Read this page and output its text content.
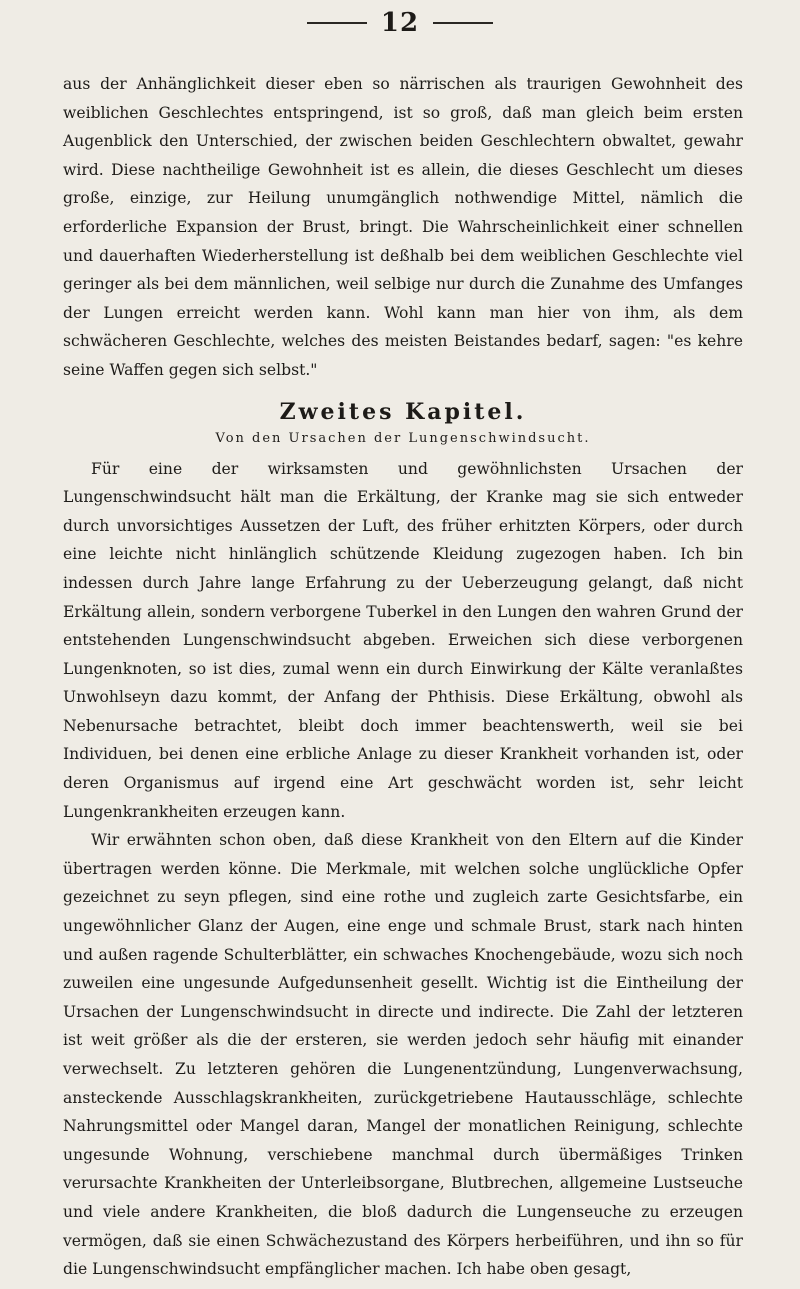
12

aus der Anhänglichkeit dieser eben so närrischen als traurigen Gewohnheit des weiblichen Geschlechtes entspringend, ist so groß, daß man gleich beim ersten Augenblick den Unterschied, der zwischen beiden Geschlechtern obwaltet, gewahr wird. Diese nachtheilige Gewohnheit ist es allein, die dieses Geschlecht um dieses große, einzige, zur Heilung unumgänglich nothwendige Mittel, nämlich die erforderliche Expansion der Brust, bringt. Die Wahrscheinlichkeit einer schnellen und dauerhaften Wiederherstellung ist deßhalb bei dem weiblichen Geschlechte viel geringer als bei dem männlichen, weil selbige nur durch die Zunahme des Umfanges der Lungen erreicht werden kann. Wohl kann man hier von ihm, als dem schwächeren Geschlechte, welches des meisten Beistandes bedarf, sagen: "es kehre seine Waffen gegen sich selbst."

Zweites Kapitel.
Von den Ursachen der Lungenschwindsucht.

Für eine der wirksamsten und gewöhnlichsten Ursachen der Lungenschwindsucht hält man die Erkältung, der Kranke mag sie sich entweder durch unvorsichtiges Aussetzen der Luft, des früher erhitzten Körpers, oder durch eine leichte nicht hinlänglich schützende Kleidung zugezogen haben. Ich bin indessen durch Jahre lange Erfahrung zu der Ueberzeugung gelangt, daß nicht Erkältung allein, sondern verborgene Tuberkel in den Lungen den wahren Grund der entstehenden Lungenschwindsucht abgeben. Erweichen sich diese verborgenen Lungenknoten, so ist dies, zumal wenn ein durch Einwirkung der Kälte veranlaßtes Unwohlseyn dazu kommt, der Anfang der Phthisis. Diese Erkältung, obwohl als Nebenursache betrachtet, bleibt doch immer beachtenswerth, weil sie bei Individuen, bei denen eine erbliche Anlage zu dieser Krankheit vorhanden ist, oder deren Organismus auf irgend eine Art geschwächt worden ist, sehr leicht Lungenkrankheiten erzeugen kann.

Wir erwähnten schon oben, daß diese Krankheit von den Eltern auf die Kinder übertragen werden könne. Die Merkmale, mit welchen solche unglückliche Opfer gezeichnet zu seyn pflegen, sind eine rothe und zugleich zarte Gesichtsfarbe, ein ungewöhnlicher Glanz der Augen, eine enge und schmale Brust, stark nach hinten und außen ragende Schulterblätter, ein schwaches Knochengebäude, wozu sich noch zuweilen eine ungesunde Aufgedunsenheit gesellt. Wichtig ist die Eintheilung der Ursachen der Lungenschwindsucht in directe und indirecte. Die Zahl der letzteren ist weit größer als die der ersteren, sie werden jedoch sehr häufig mit einander verwechselt. Zu letzteren gehören die Lungenentzündung, Lungenverwachsung, ansteckende Ausschlagskrankheiten, zurückgetriebene Hautausschläge, schlechte Nahrungsmittel oder Mangel daran, Mangel der monatlichen Reinigung, schlechte ungesunde Wohnung, verschiebene manchmal durch übermäßiges Trinken verursachte Krankheiten der Unterleibsorgane, Blutbrechen, allgemeine Lustseuche und viele andere Krankheiten, die bloß dadurch die Lungenseuche zu erzeugen vermögen, daß sie einen Schwächezustand des Körpers herbeiführen, und ihn so für die Lungenschwindsucht empfänglicher machen. Ich habe oben gesagt,
